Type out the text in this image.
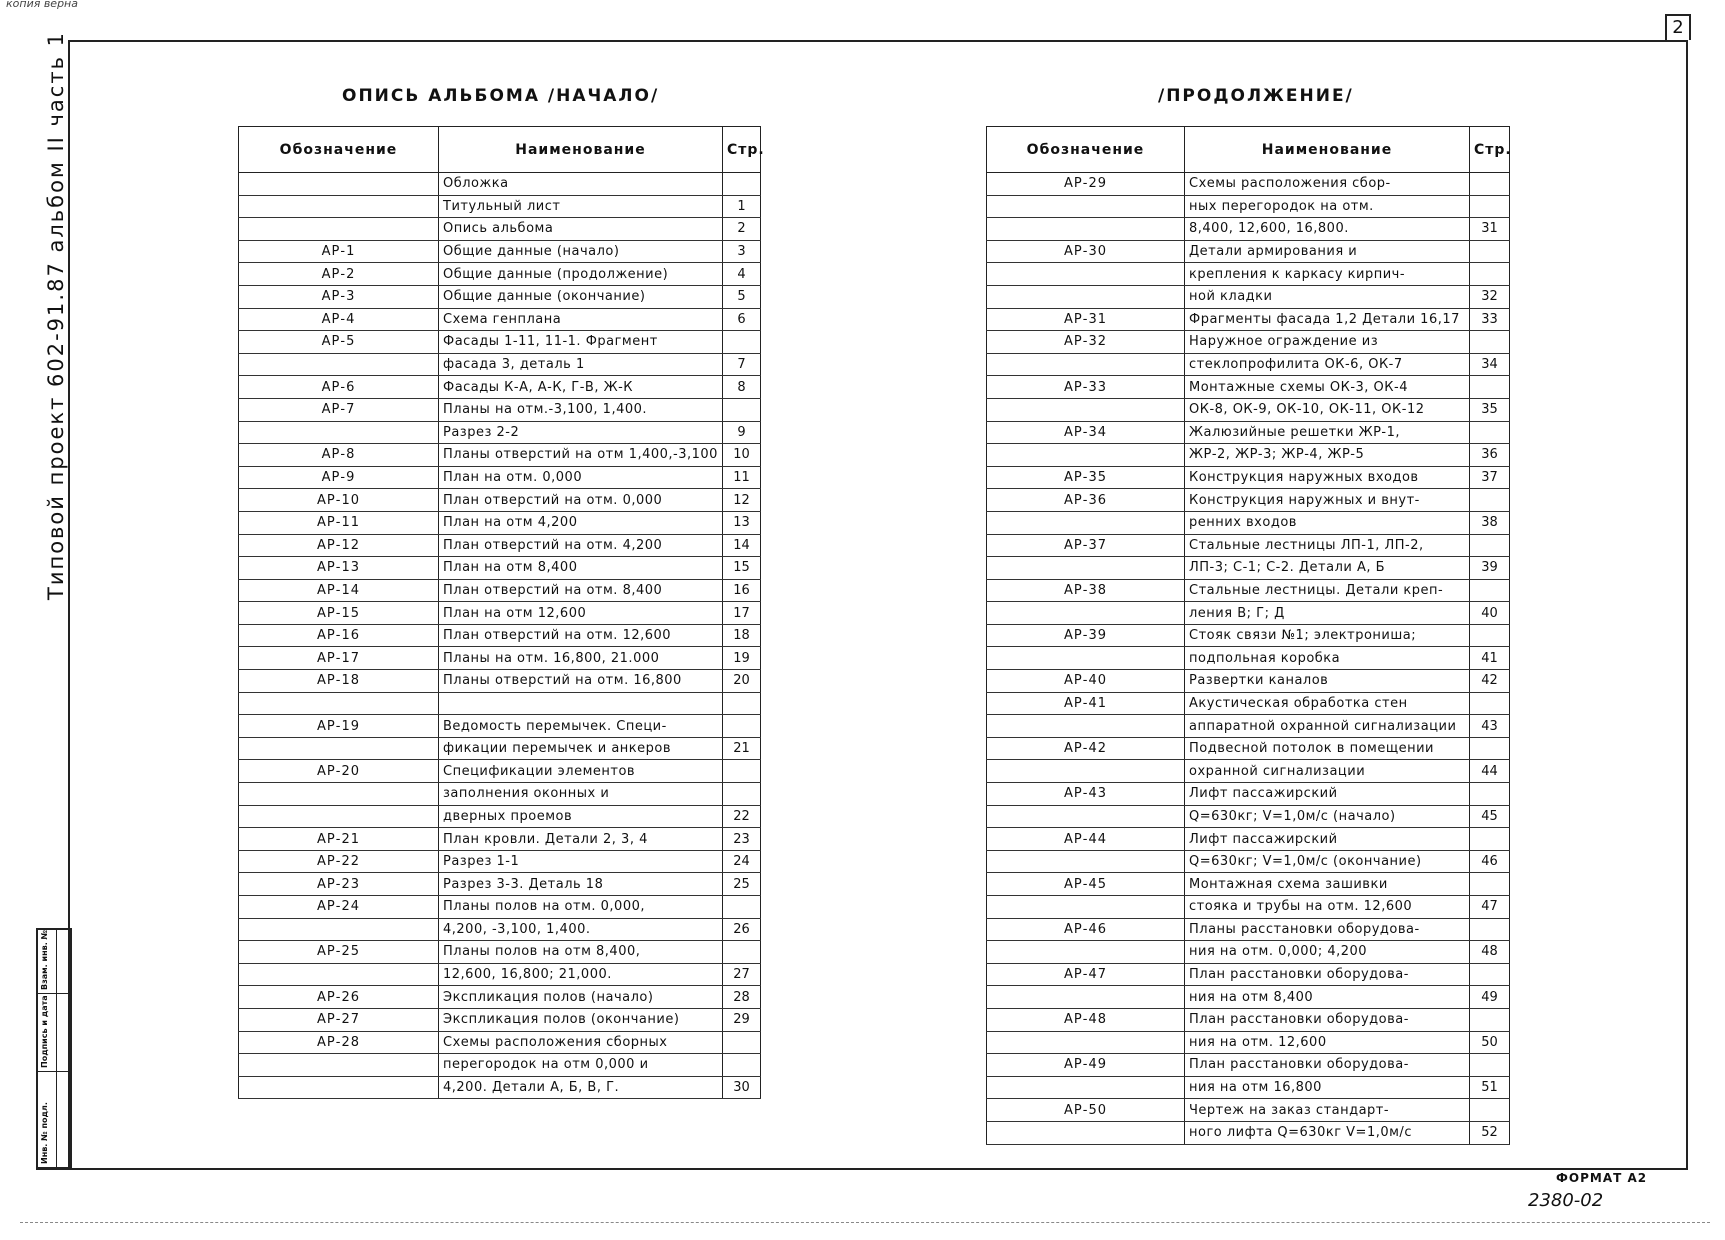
копия верна
2
Типовой проект 602-91.87 альбом II часть 1
Инв. № подл.
Подпись и дата
Взам. инв. №
ОПИСЬ АЛЬБОМА /НАЧАЛО/	/ПРОДОЛЖЕНИЕ/
Обозначение	Наименование	Стр.
	Обложка	
	Титульный лист	1
	Опись альбома	2
АР-1	Общие данные (начало)	3
АР-2	Общие данные (продолжение)	4
АР-3	Общие данные (окончание)	5
АР-4	Схема генплана	6
АР-5	Фасады 1-11, 11-1. Фрагмент	
	фасада 3, деталь 1	7
АР-6	Фасады К-А, А-К, Г-В, Ж-К	8
АР-7	Планы на отм.-3,100, 1,400.	
	Разрез 2-2	9
АР-8	Планы отверстий на отм 1,400,-3,100	10
АР-9	План на отм. 0,000	11
АР-10	План отверстий на отм. 0,000	12
АР-11	План на отм 4,200	13
АР-12	План отверстий на отм. 4,200	14
АР-13	План на отм 8,400	15
АР-14	План отверстий на отм. 8,400	16
АР-15	План на отм 12,600	17
АР-16	План отверстий на отм. 12,600	18
АР-17	Планы на отм. 16,800, 21.000	19
АР-18	Планы отверстий на отм. 16,800	20

АР-19	Ведомость перемычек. Специ-	
	фикации перемычек и анкеров	21
АР-20	Спецификации элементов	
	заполнения оконных и	
	дверных проемов	22
АР-21	План кровли. Детали 2, 3, 4	23
АР-22	Разрез 1-1	24
АР-23	Разрез 3-3. Деталь 18	25
АР-24	Планы полов на отм. 0,000,	
	4,200, -3,100, 1,400.	26
АР-25	Планы полов на отм 8,400,	
	12,600, 16,800; 21,000.	27
АР-26	Экспликация полов (начало)	28
АР-27	Экспликация полов (окончание)	29
АР-28	Схемы расположения сборных	
	перегородок на отм 0,000 и	
	4,200. Детали А, Б, В, Г.	30
Обозначение	Наименование	Стр.
АР-29	Схемы расположения сбор-	
	ных перегородок на отм.	
	8,400, 12,600, 16,800.	31
АР-30	Детали армирования и	
	крепления к каркасу кирпич-	
	ной кладки	32
АР-31	Фрагменты фасада 1,2 Детали 16,17	33
АР-32	Наружное ограждение из	
	стеклопрофилита ОК-6, ОК-7	34
АР-33	Монтажные схемы ОК-3, ОК-4	
	ОК-8, ОК-9, ОК-10, ОК-11, ОК-12	35
АР-34	Жалюзийные решетки ЖР-1,	
	ЖР-2, ЖР-3; ЖР-4, ЖР-5	36
АР-35	Конструкция наружных входов	37
АР-36	Конструкция наружных и внут-	
	ренних входов	38
АР-37	Стальные лестницы ЛП-1, ЛП-2,	
	ЛП-3; С-1; С-2. Детали А, Б	39
АР-38	Стальные лестницы. Детали креп-	
	ления В; Г; Д	40
АР-39	Стояк связи №1; электрониша;	
	подпольная коробка	41
АР-40	Развертки каналов	42
АР-41	Акустическая обработка стен	
	аппаратной охранной сигнализации	43
АР-42	Подвесной потолок в помещении	
	охранной сигнализации	44
АР-43	Лифт пассажирский	
	Q=630кг; V=1,0м/с (начало)	45
АР-44	Лифт пассажирский	
	Q=630кг; V=1,0м/с (окончание)	46
АР-45	Монтажная схема зашивки	
	стояка и трубы на отм. 12,600	47
АР-46	Планы расстановки оборудова-	
	ния на отм. 0,000; 4,200	48
АР-47	План расстановки оборудова-	
	ния на отм 8,400	49
АР-48	План расстановки оборудова-	
	ния на отм. 12,600	50
АР-49	План расстановки оборудова-	
	ния на отм 16,800	51
АР-50	Чертеж на заказ стандарт-	
	ного лифта Q=630кг V=1,0м/с	52
ФОРМАТ А2
2380-02
